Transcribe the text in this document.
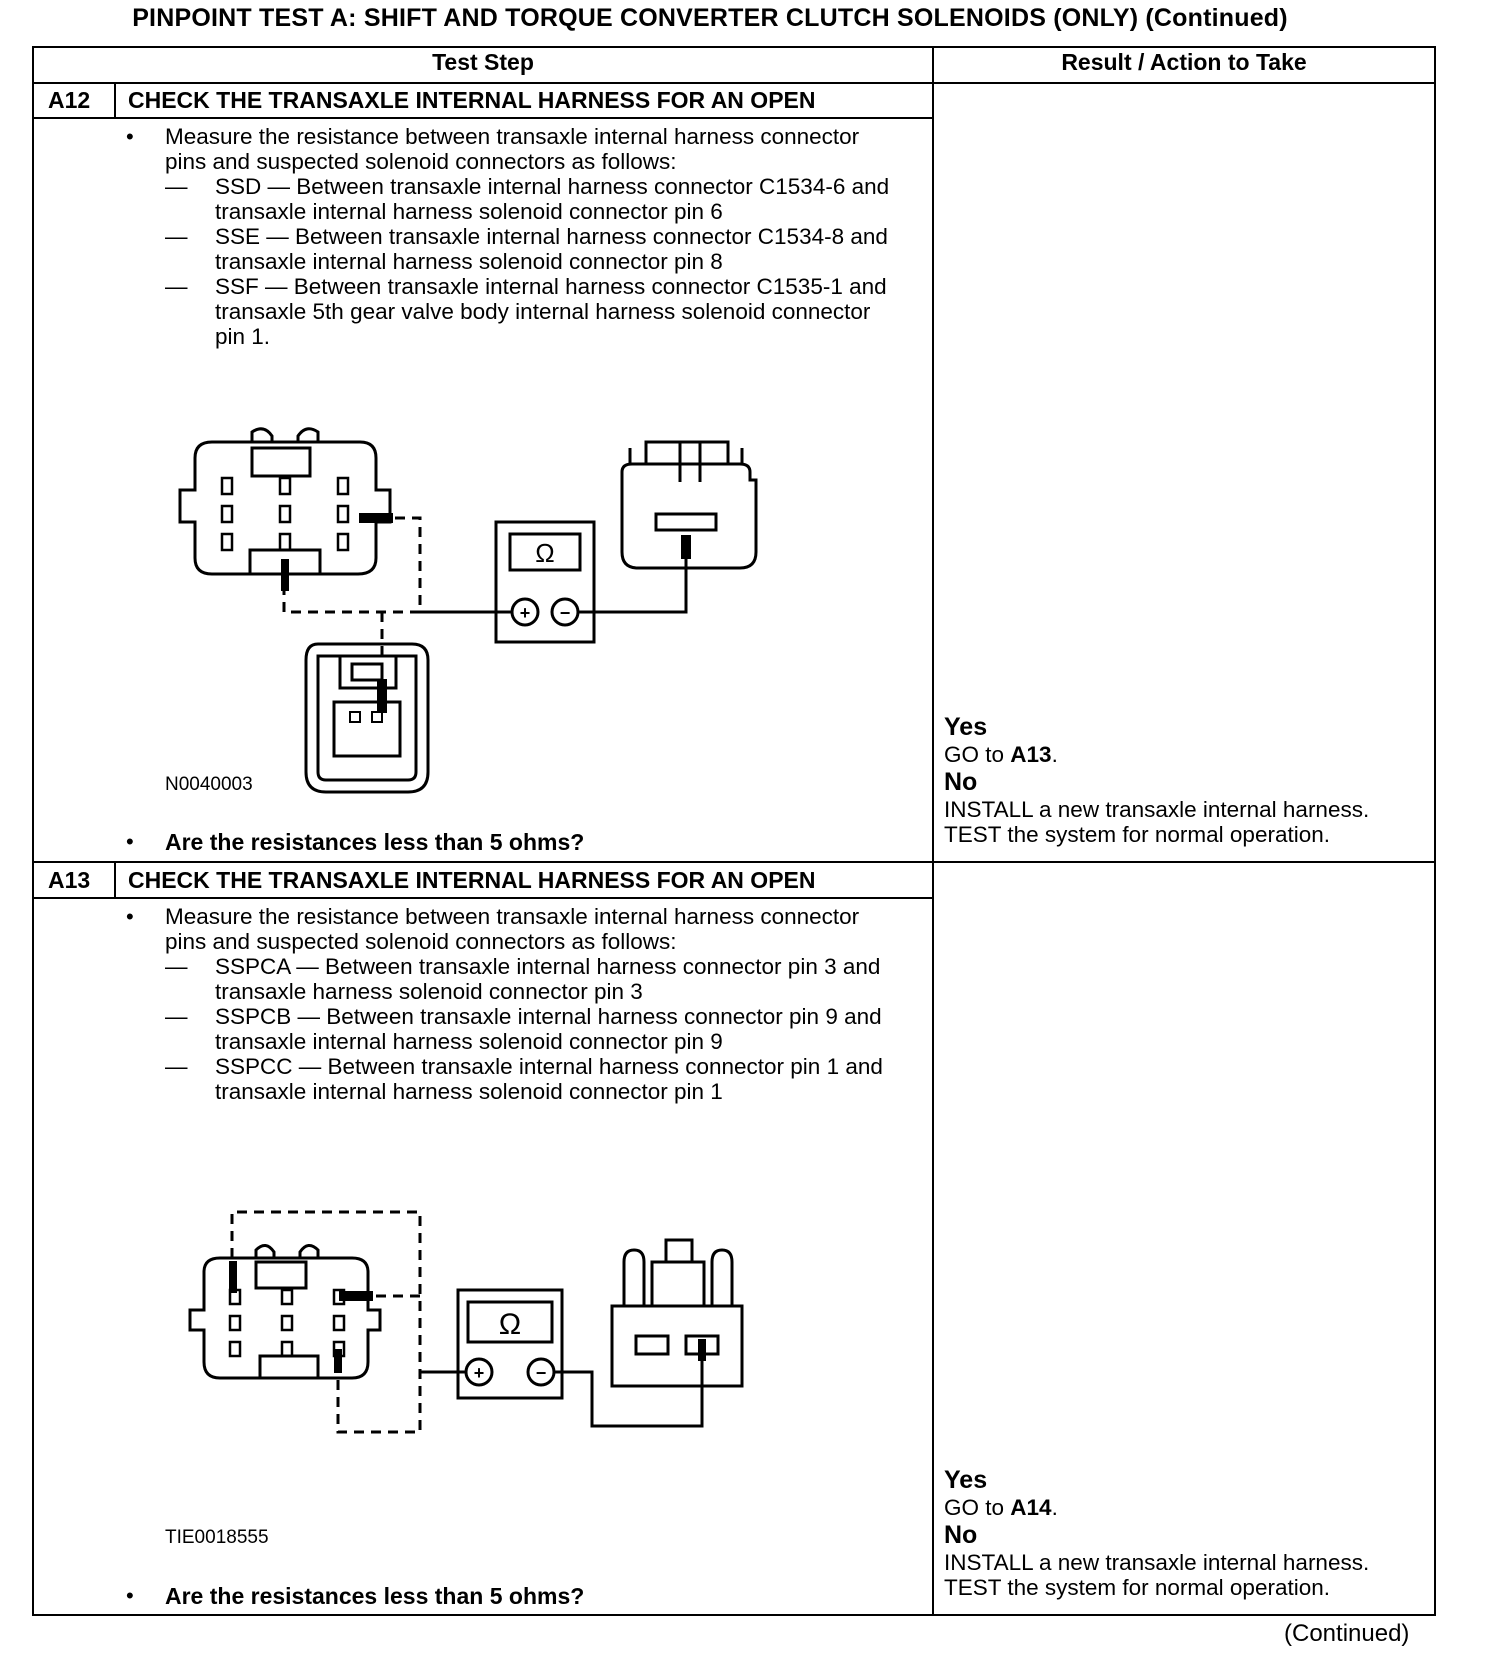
PINPOINT TEST A: SHIFT AND TORQUE CONVERTER CLUTCH SOLENOIDS (ONLY) (Continued)
Test Step	Result / Action to Take
A12 CHECK THE TRANSAXLE INTERNAL HARNESS FOR AN OPEN
• Measure the resistance between transaxle internal harness connector pins and suspected solenoid connectors as follows:

— SSD — Between transaxle internal harness connector C1534-6 and transaxle internal harness solenoid connector pin 6
— SSE — Between transaxle internal harness connector C1534-8 and transaxle internal harness solenoid connector pin 8
— SSF — Between transaxle internal harness connector C1535-1 and transaxle 5th gear valve body internal harness solenoid connector pin 1.
Ω
+ −
N0040003
• Are the resistances less than 5 ohms?
Yes
GO to A13.
No
INSTALL a new transaxle internal harness.
TEST the system for normal operation.
A13 CHECK THE TRANSAXLE INTERNAL HARNESS FOR AN OPEN
• Measure the resistance between transaxle internal harness connector pins and suspected solenoid connectors as follows:

— SSPCA — Between transaxle internal harness connector pin 3 and transaxle harness solenoid connector pin 3
— SSPCB — Between transaxle internal harness connector pin 9 and transaxle internal harness solenoid connector pin 9
— SSPCC — Between transaxle internal harness connector pin 1 and transaxle internal harness solenoid connector pin 1
Ω
+	−
TIE0018555
• Are the resistances less than 5 ohms?
Yes
GO to A14.
No
INSTALL a new transaxle internal harness.
TEST the system for normal operation.
(Continued)
